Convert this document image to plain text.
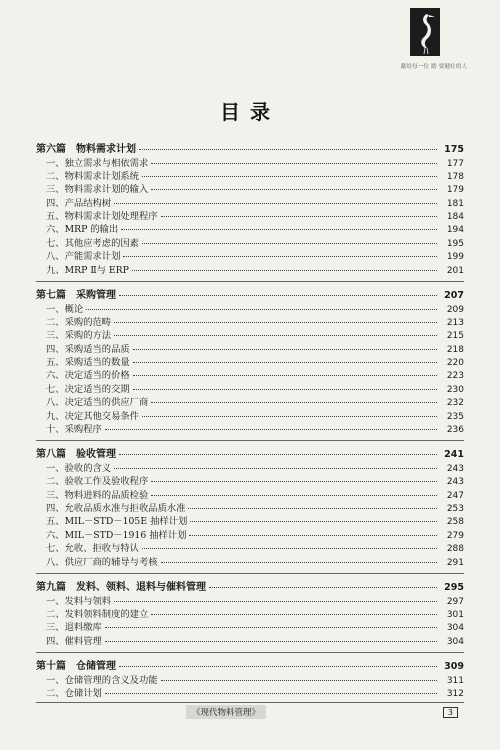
献给每一位 踏 要健壮的人
目录
第六篇　物料需求计划	175
一、独立需求与相依需求	177
二、物料需求计划系统	178
三、物料需求计划的输入	179
四、产品结构树	181
五、物料需求计划处理程序	184
六、MRP 的输出	194
七、其他应考虑的因素	195
八、产能需求计划	199
九、MRP Ⅱ与 ERP	201
第七篇　采购管理	207
一、概论	209
二、采购的范畴	213
三、采购的方法	215
四、采购适当的品质	218
五、采购适当的数量	220
六、决定适当的价格	223
七、决定适当的交期	230
八、决定适当的供应厂商	232
九、决定其他交易条件	235
十、采购程序	236
第八篇　验收管理	241
一、验收的含义	243
二、验收工作及验收程序	243
三、物料进料的品质检验	247
四、允收品质水准与拒收品质水准	253
五、MIL－STD－105E 抽样计划	258
六、MIL－STD－1916 抽样计划	279
七、允收、拒收与特认	288
八、供应厂商的辅导与考核	291
第九篇　发料、领料、退料与催料管理	295
一、发料与领料	297
二、发料领料制度的建立	301
三、退料缴库	304
四、催料管理	304
第十篇　仓储管理	309
一、仓储管理的含义及功能	311
二、仓储计划	312
《现代物料管理》	3
